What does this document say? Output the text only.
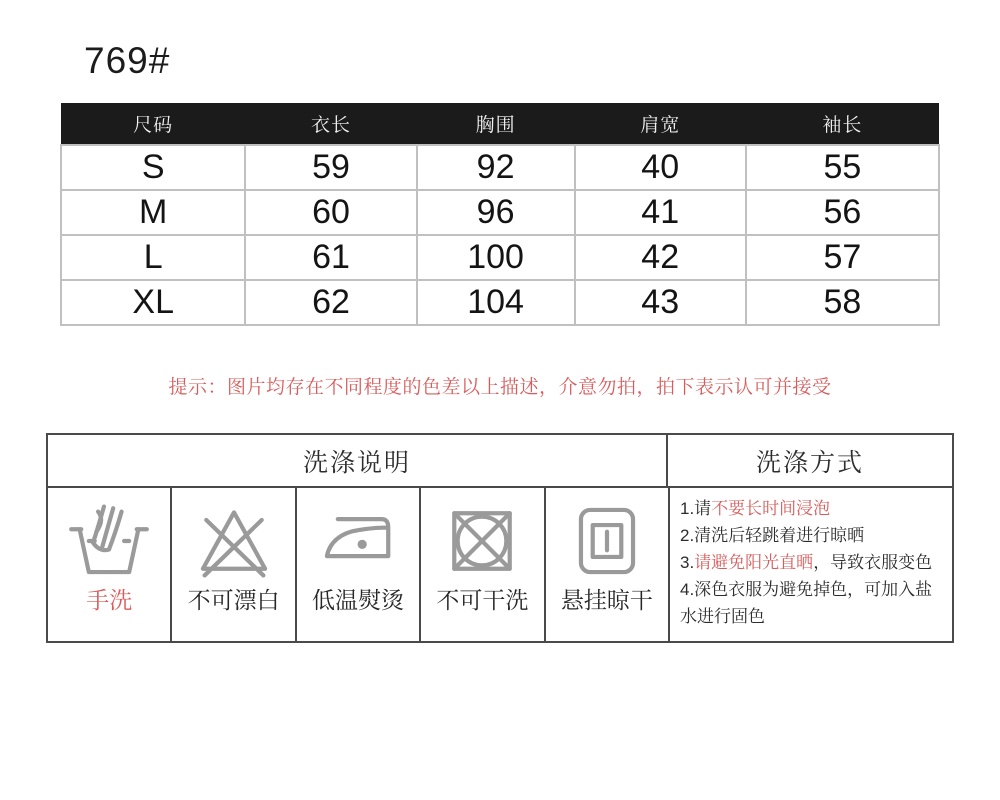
769#
尺码	衣长	胸围	肩宽	袖长
S	59	92	40	55
M	60	96	41	56
L	61	100	42	57
XL	62	104	43	58

提示：图片均存在不同程度的色差以上描述，介意勿拍，拍下表示认可并接受

洗涤说明	洗涤方式
手洗 不可漂白 低温熨烫 不可干洗 悬挂晾干

1.请不要长时间浸泡

2.清洗后轻跳着进行晾晒

3.请避免阳光直晒，导致衣服变色

4.深色衣服为避免掉色，可加入盐水进行固色
